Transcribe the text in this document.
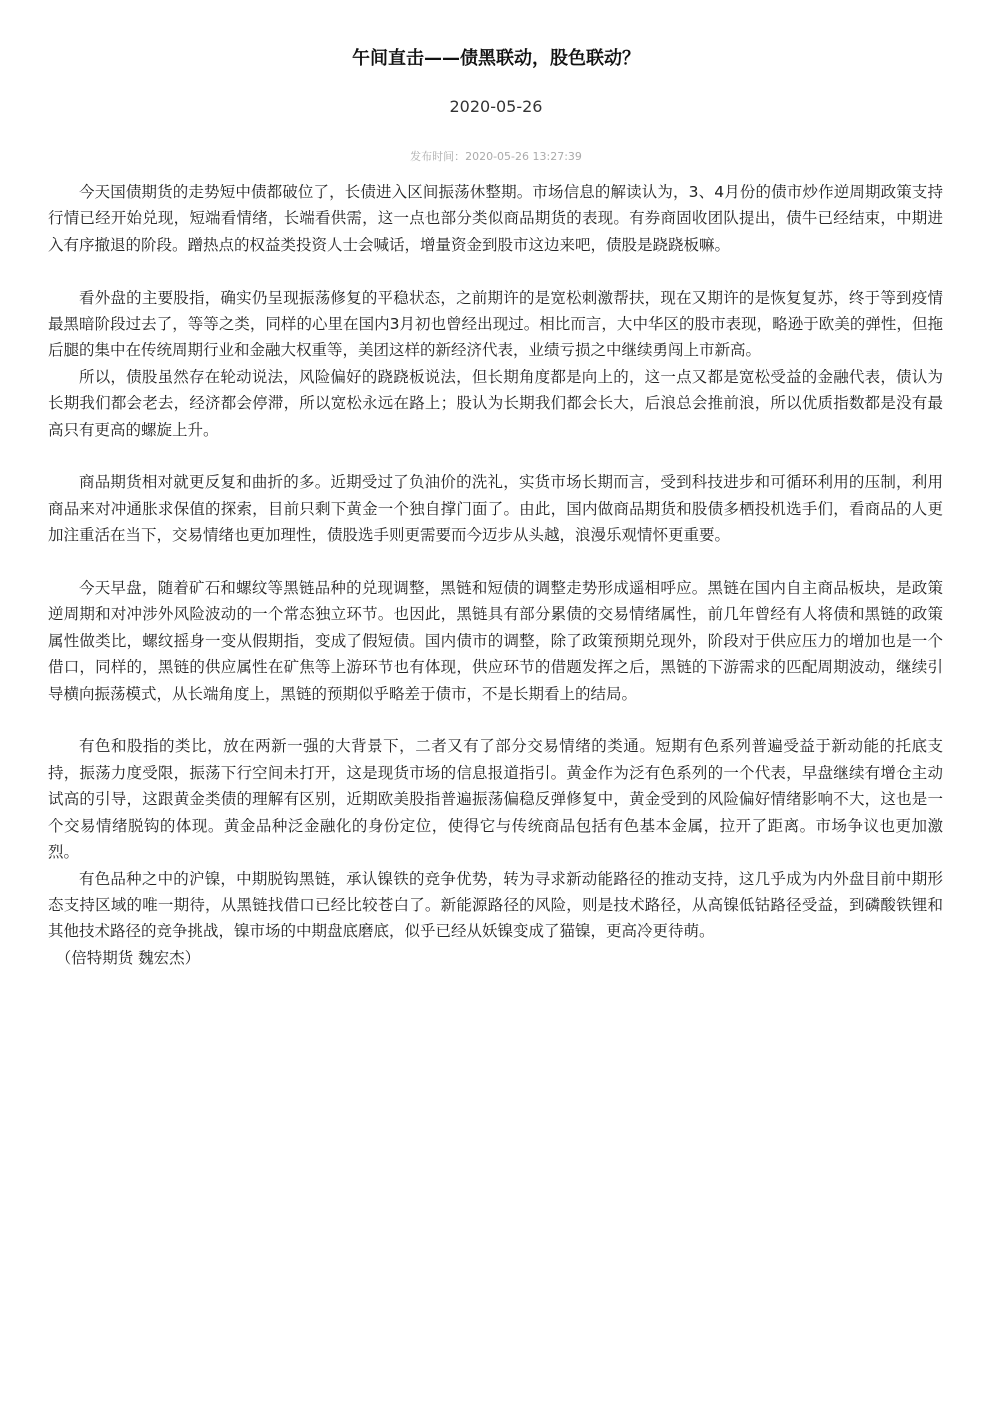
午间直击——债黑联动，股色联动？
2020-05-26
发布时间：2020-05-26 13:27:39

今天国债期货的走势短中债都破位了，长债进入区间振荡休整期。市场信息的解读认为，3、4月份的债市炒作逆周期政策支持行情已经开始兑现，短端看情绪，长端看供需，这一点也部分类似商品期货的表现。有券商固收团队提出，债牛已经结束，中期进入有序撤退的阶段。蹭热点的权益类投资人士会喊话，增量资金到股市这边来吧，债股是跷跷板嘛。

看外盘的主要股指，确实仍呈现振荡修复的平稳状态，之前期许的是宽松刺激帮扶，现在又期许的是恢复复苏，终于等到疫情最黑暗阶段过去了，等等之类，同样的心里在国内3月初也曾经出现过。相比而言，大中华区的股市表现，略逊于欧美的弹性，但拖后腿的集中在传统周期行业和金融大权重等，美团这样的新经济代表，业绩亏损之中继续勇闯上市新高。

所以，债股虽然存在轮动说法，风险偏好的跷跷板说法，但长期角度都是向上的，这一点又都是宽松受益的金融代表，债认为长期我们都会老去，经济都会停滞，所以宽松永远在路上；股认为长期我们都会长大，后浪总会推前浪，所以优质指数都是没有最高只有更高的螺旋上升。

商品期货相对就更反复和曲折的多。近期受过了负油价的洗礼，实货市场长期而言，受到科技进步和可循环利用的压制，利用商品来对冲通胀求保值的探索，目前只剩下黄金一个独自撑门面了。由此，国内做商品期货和股债多栖投机选手们，看商品的人更加注重活在当下，交易情绪也更加理性，债股选手则更需要而今迈步从头越，浪漫乐观情怀更重要。

今天早盘，随着矿石和螺纹等黑链品种的兑现调整，黑链和短债的调整走势形成遥相呼应。黑链在国内自主商品板块，是政策逆周期和对冲涉外风险波动的一个常态独立环节。也因此，黑链具有部分累债的交易情绪属性，前几年曾经有人将债和黑链的政策属性做类比，螺纹摇身一变从假期指，变成了假短债。国内债市的调整，除了政策预期兑现外，阶段对于供应压力的增加也是一个借口，同样的，黑链的供应属性在矿焦等上游环节也有体现，供应环节的借题发挥之后，黑链的下游需求的匹配周期波动，继续引导横向振荡模式，从长端角度上，黑链的预期似乎略差于债市，不是长期看上的结局。

有色和股指的类比，放在两新一强的大背景下，二者又有了部分交易情绪的类通。短期有色系列普遍受益于新动能的托底支持，振荡力度受限，振荡下行空间未打开，这是现货市场的信息报道指引。黄金作为泛有色系列的一个代表，早盘继续有增仓主动试高的引导，这跟黄金类债的理解有区别，近期欧美股指普遍振荡偏稳反弹修复中，黄金受到的风险偏好情绪影响不大，这也是一个交易情绪脱钩的体现。黄金品种泛金融化的身份定位，使得它与传统商品包括有色基本金属，拉开了距离。市场争议也更加激烈。

有色品种之中的沪镍，中期脱钩黑链，承认镍铁的竞争优势，转为寻求新动能路径的推动支持，这几乎成为内外盘目前中期形态支持区域的唯一期待，从黑链找借口已经比较苍白了。新能源路径的风险，则是技术路径，从高镍低钴路径受益，到磷酸铁锂和其他技术路径的竞争挑战，镍市场的中期盘底磨底，似乎已经从妖镍变成了猫镍，更高冷更待萌。

（倍特期货 魏宏杰）
